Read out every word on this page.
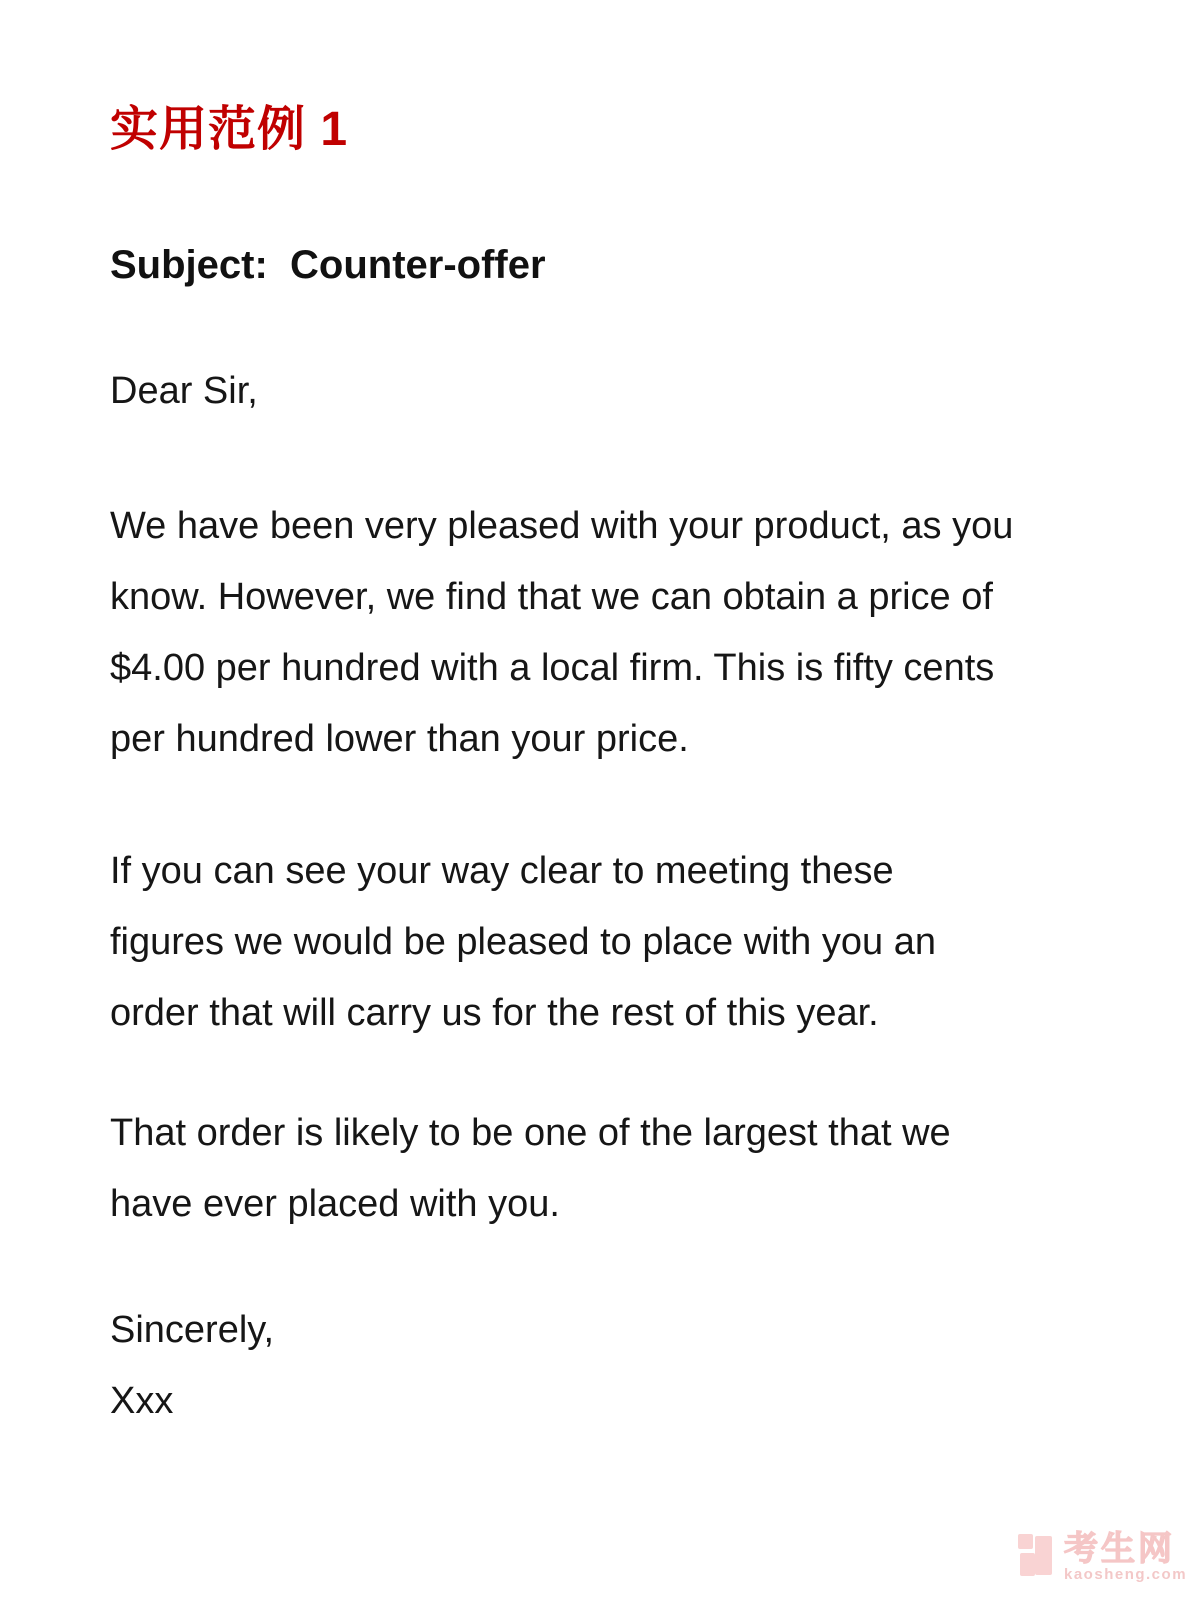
实用范例 1
Subject:  Counter-offer
Dear Sir,
We have been very pleased with your product, as you
know. However, we find that we can obtain a price of
$4.00 per hundred with a local firm. This is fifty cents
per hundred lower than your price.
If you can see your way clear to meeting these
figures we would be pleased to place with you an
order that will carry us for the rest of this year.
That order is likely to be one of the largest that we
have ever placed with you.
Sincerely,
Xxx
考生网
kaosheng.com
